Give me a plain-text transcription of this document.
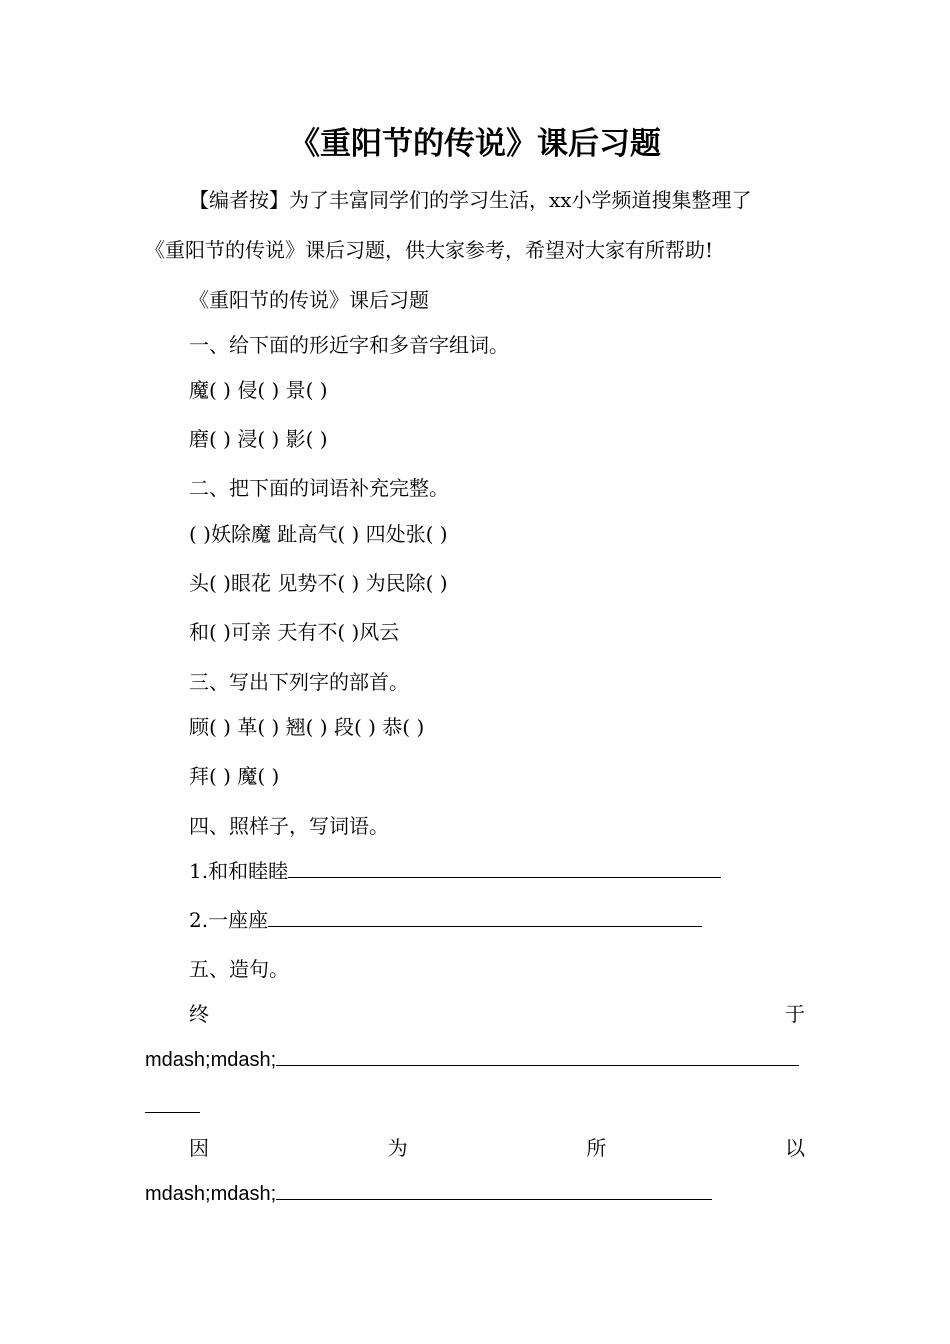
《重阳节的传说》课后习题
【编者按】为了丰富同学们的学习生活，xx小学频道搜集整理了
《重阳节的传说》课后习题，供大家参考，希望对大家有所帮助!
《重阳节的传说》课后习题
一、给下面的形近字和多音字组词。
魔( ) 侵( ) 景( )
磨( ) 浸( ) 影( )
二、把下面的词语补充完整。
( )妖除魔 趾高气( ) 四处张( )
头( )眼花 见势不( ) 为民除( )
和( )可亲 天有不( )风云
三、写出下列字的部首。
顾( ) 革( ) 翘( ) 段( ) 恭( )
拜( ) 魔( )
四、照样子，写词语。
1.和和睦睦
2.一座座
五、造句。
终	于
mdash;mdash;
因	为	所	以
mdash;mdash;
